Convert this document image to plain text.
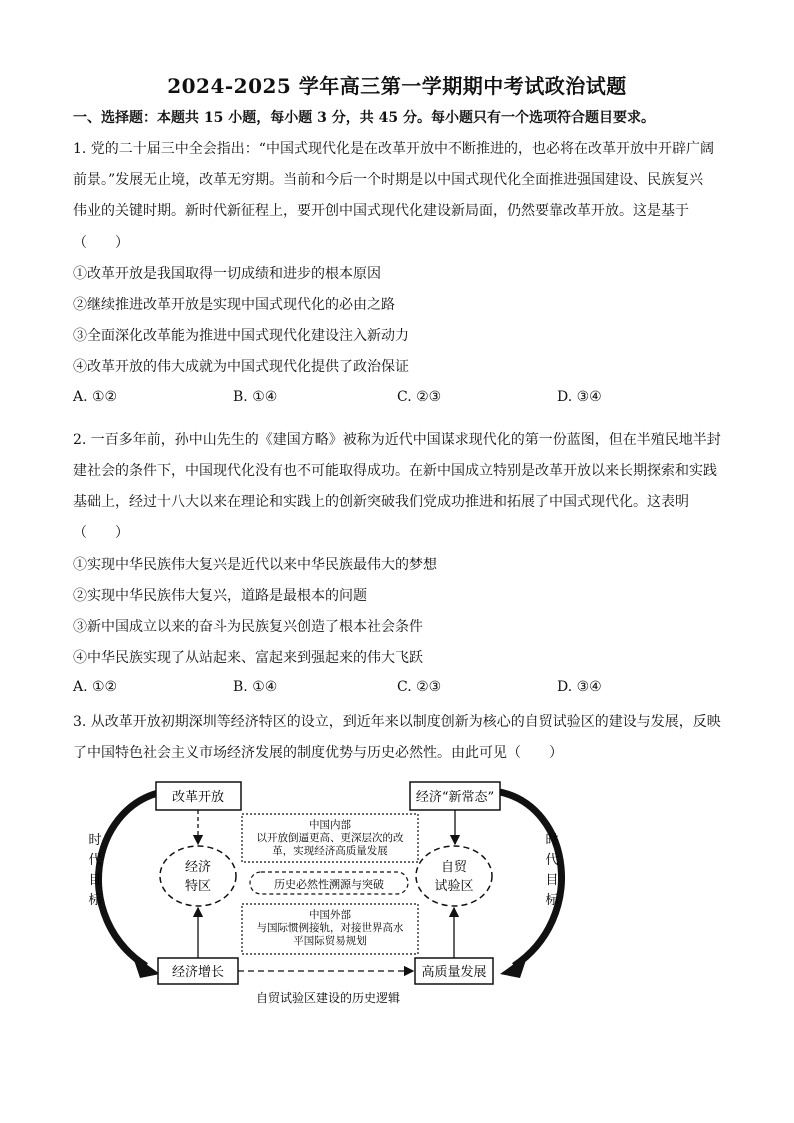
2024-2025 学年高三第一学期期中考试政治试题
一、选择题：本题共 15 小题，每小题 3 分，共 45 分。每小题只有一个选项符合题目要求。
1. 党的二十届三中全会指出：“中国式现代化是在改革开放中不断推进的，也必将在改革开放中开辟广阔
前景。”发展无止境，改革无穷期。当前和今后一个时期是以中国式现代化全面推进强国建设、民族复兴
伟业的关键时期。新时代新征程上，要开创中国式现代化建设新局面，仍然要靠改革开放。这是基于
（　　）
①改革开放是我国取得一切成绩和进步的根本原因
②继续推进改革开放是实现中国式现代化的必由之路
③全面深化改革能为推进中国式现代化建设注入新动力
④改革开放的伟大成就为中国式现代化提供了政治保证
A. ①②	B. ①④	C. ②③	D. ③④
2. 一百多年前，孙中山先生的《建国方略》被称为近代中国谋求现代化的第一份蓝图，但在半殖民地半封
建社会的条件下，中国现代化没有也不可能取得成功。在新中国成立特别是改革开放以来长期探索和实践
基础上，经过十八大以来在理论和实践上的创新突破我们党成功推进和拓展了中国式现代化。这表明
（　　）
①实现中华民族伟大复兴是近代以来中华民族最伟大的梦想
②实现中华民族伟大复兴，道路是最根本的问题
③新中国成立以来的奋斗为民族复兴创造了根本社会条件
④中华民族实现了从站起来、富起来到强起来的伟大飞跃
A. ①②	B. ①④	C. ②③	D. ③④
3. 从改革开放初期深圳等经济特区的设立，到近年来以制度创新为核心的自贸试验区的建设与发展，反映
了中国特色社会主义市场经济发展的制度优势与历史必然性。由此可见（　　）
时
代
目
标
时
代
目
标
改革开放	经济“新常态”
经济增长	高质量发展
经济
特区
自贸
试验区
中国内部
以开放倒逼更高、更深层次的改
革，实现经济高质量发展
历史必然性溯源与突破
中国外部
与国际惯例接轨，对接世界高水
平国际贸易规划
自贸试验区建设的历史逻辑
